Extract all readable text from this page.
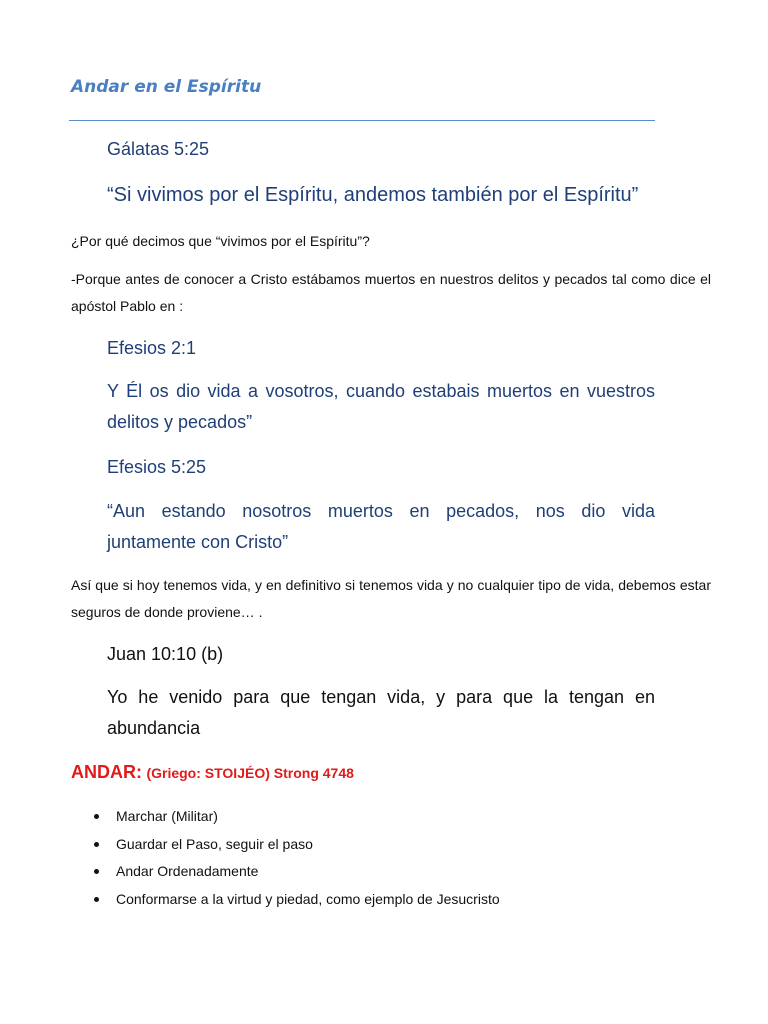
Andar en el Espíritu

Gálatas 5:25

“Si vivimos por el Espíritu, andemos también por el Espíritu”

¿Por qué decimos que “vivimos por el Espíritu”?

-Porque antes de conocer a Cristo estábamos muertos en nuestros delitos y pecados tal como dice el apóstol Pablo en :

Efesios 2:1

Y Él os dio vida a vosotros, cuando estabais muertos en vuestros delitos y pecados”

Efesios 5:25

“Aun estando nosotros muertos en pecados, nos dio vida juntamente con Cristo”

Así que si hoy tenemos vida, y en definitivo si tenemos vida y no cualquier tipo de vida, debemos estar seguros de donde proviene… .

Juan 10:10 (b)

Yo he venido para que tengan vida, y para que la tengan en abundancia

ANDAR: (Griego: STOIJÉO) Strong 4748

Marchar (Militar)
Guardar el Paso, seguir el paso
Andar Ordenadamente
Conformarse a la virtud y piedad, como ejemplo de Jesucristo
